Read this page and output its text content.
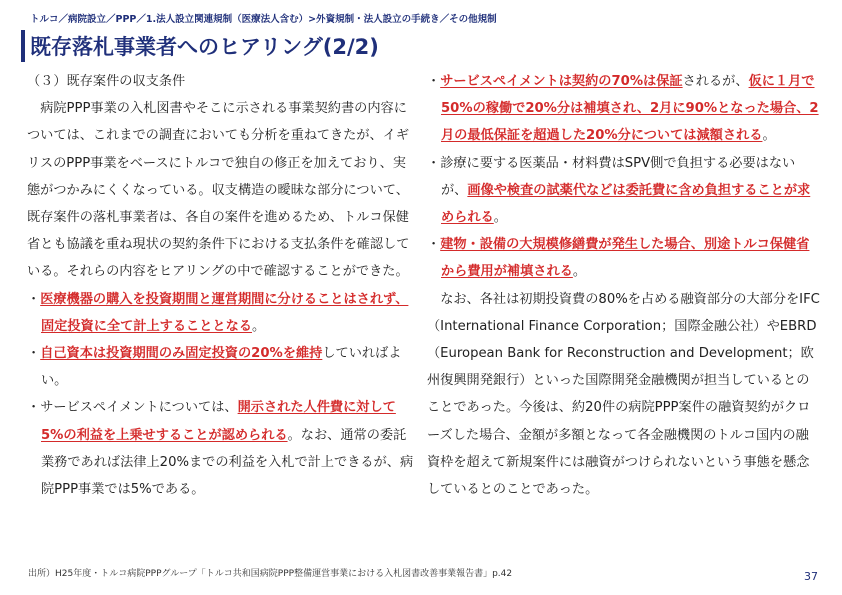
トルコ／病院設立／PPP／1.法人設立関連規制（医療法人含む）>外資規制・法人設立の手続き／その他規制
既存落札事業者へのヒアリング(2/2)

（３）既存案件の収支条件

病院PPP事業の入札図書やそこに示される事業契約書の内容については、これまでの調査においても分析を重ねてきたが、イギリスのPPP事業をベースにトルコで独自の修正を加えており、実態がつかみにくくなっている。収支構造の曖昧な部分について、既存案件の落札事業者は、各自の案件を進めるため、トルコ保健省とも協議を重ね現状の契約条件下における支払条件を確認している。それらの内容をヒアリングの中で確認することができた。

・医療機器の購入を投資期間と運営期間に分けることはされず、固定投資に全て計上することとなる。

・自己資本は投資期間のみ固定投資の20%を維持していればよい。

・サービスペイメントについては、開示された人件費に対して5%の利益を上乗せすることが認められる。なお、通常の委託業務であれば法律上20%までの利益を入札で計上できるが、病院PPP事業では5%である。

・サービスペイメントは契約の70%は保証されるが、仮に１月で50%の稼働で20%分は補填され、2月に90%となった場合、2月の最低保証を超過した20%分については減額される。

・診療に要する医薬品・材料費はSPV側で負担する必要はないが、画像や検査の試薬代などは委託費に含め負担することが求められる。

・建物・設備の大規模修繕費が発生した場合、別途トルコ保健省から費用が補填される。

なお、各社は初期投資費の80%を占める融資部分の大部分をIFC（International Finance Corporation；国際金融公社）やEBRD（European Bank for Reconstruction and Development；欧州復興開発銀行）といった国際開発金融機関が担当しているとのことであった。今後は、約20件の病院PPP案件の融資契約がクローズした場合、金額が多額となって各金融機関のトルコ国内の融資枠を超えて新規案件には融資がつけられないという事態を懸念しているとのことであった。

出所）H25年度・トルコ病院PPPグループ「トルコ共和国病院PPP整備運営事業における入札図書改善事業報告書」p.42	37
